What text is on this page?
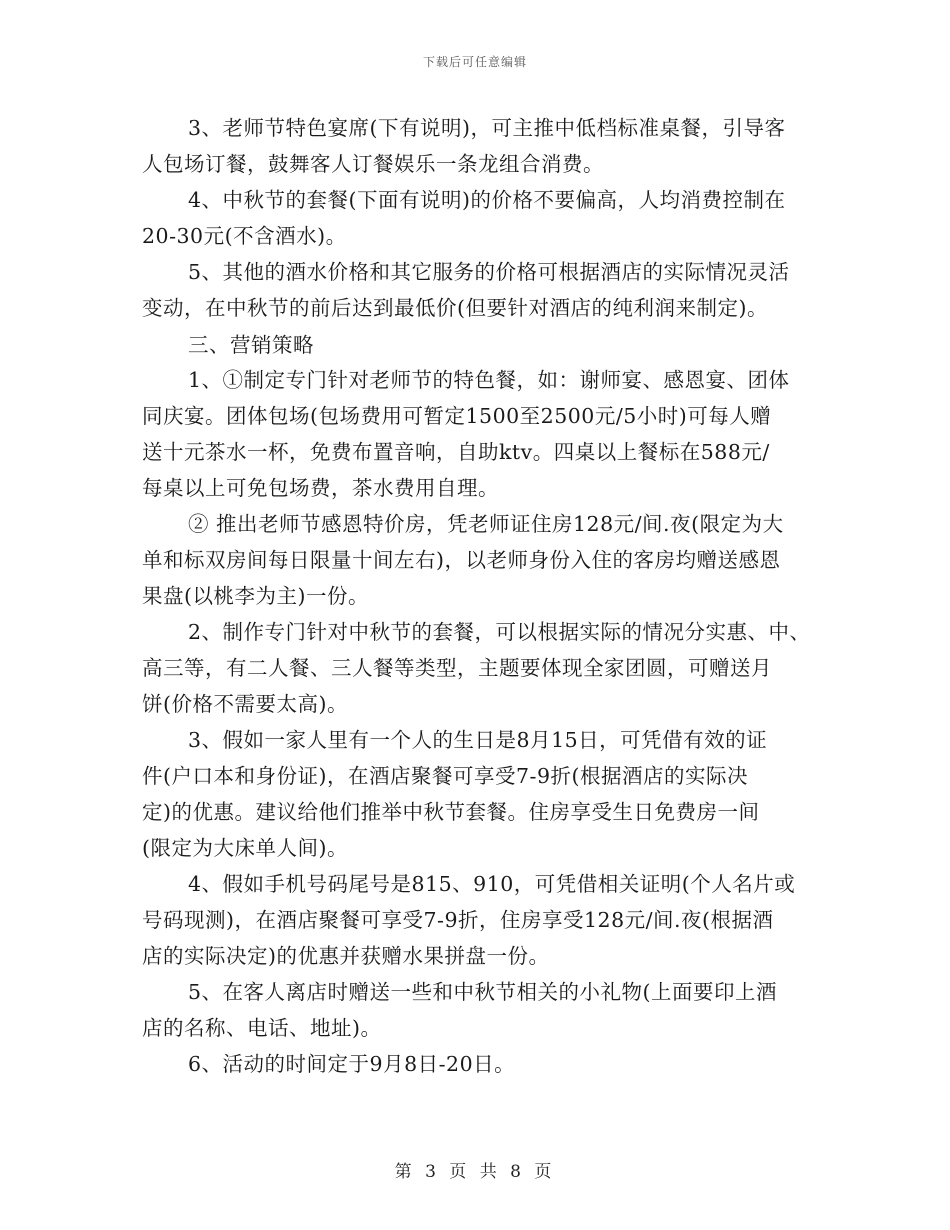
下载后可任意编辑
3、老师节特色宴席(下有说明)，可主推中低档标准桌餐，引导客
人包场订餐，鼓舞客人订餐娱乐一条龙组合消费。
4、中秋节的套餐(下面有说明)的价格不要偏高，人均消费控制在
20-30元(不含酒水)。
5、其他的酒水价格和其它服务的价格可根据酒店的实际情况灵活
变动，在中秋节的前后达到最低价(但要针对酒店的纯利润来制定)。
三、营销策略
1、①制定专门针对老师节的特色餐，如：谢师宴、感恩宴、团体
同庆宴。团体包场(包场费用可暂定1500至2500元/5小时)可每人赠
送十元茶水一杯，免费布置音响，自助ktv。四桌以上餐标在588元/
每桌以上可免包场费，茶水费用自理。
② 推出老师节感恩特价房，凭老师证住房128元/间.夜(限定为大
单和标双房间每日限量十间左右)，以老师身份入住的客房均赠送感恩
果盘(以桃李为主)一份。
2、制作专门针对中秋节的套餐，可以根据实际的情况分实惠、中、
高三等，有二人餐、三人餐等类型，主题要体现全家团圆，可赠送月
饼(价格不需要太高)。
3、假如一家人里有一个人的生日是8月15日，可凭借有效的证
件(户口本和身份证)，在酒店聚餐可享受7-9折(根据酒店的实际决
定)的优惠。建议给他们推举中秋节套餐。住房享受生日免费房一间
(限定为大床单人间)。
4、假如手机号码尾号是815、910，可凭借相关证明(个人名片或
号码现测)，在酒店聚餐可享受7-9折，住房享受128元/间.夜(根据酒
店的实际决定)的优惠并获赠水果拼盘一份。
5、在客人离店时赠送一些和中秋节相关的小礼物(上面要印上酒
店的名称、电话、地址)。
6、活动的时间定于9月8日-20日。
第 3 页 共 8 页
